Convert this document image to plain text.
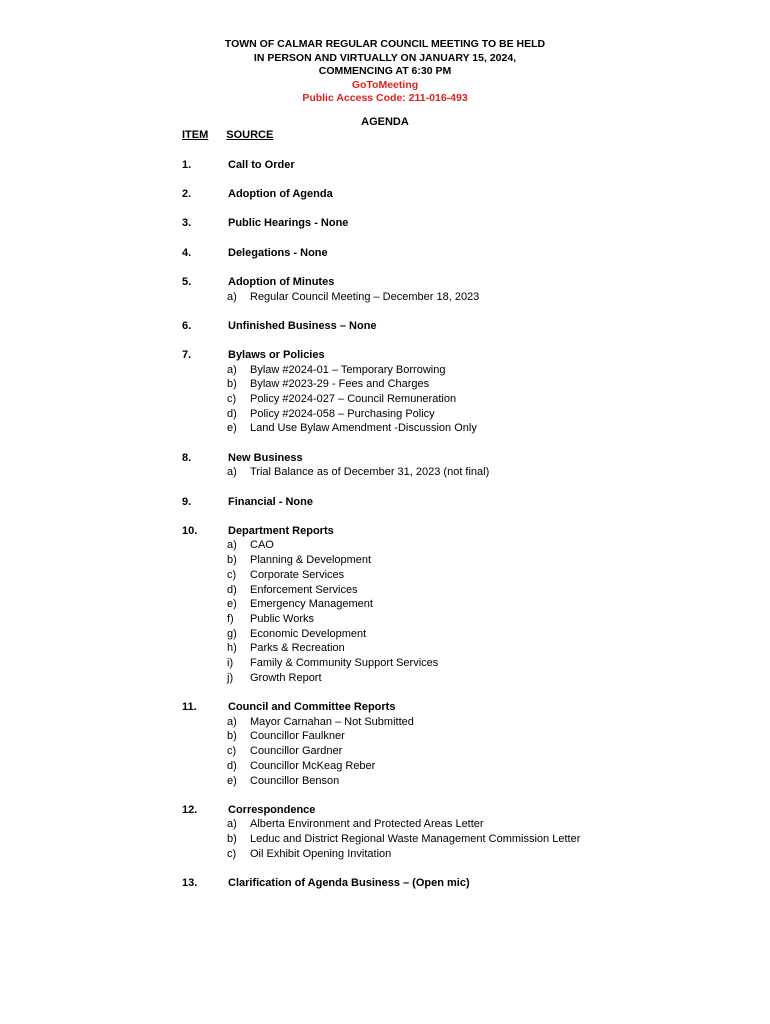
TOWN OF CALMAR REGULAR COUNCIL MEETING TO BE HELD
IN PERSON AND VIRTUALLY ON JANUARY 15, 2024,
COMMENCING AT 6:30 PM
GoToMeeting
Public Access Code: 211-016-493
AGENDA
ITEM SOURCE
1.	Call to Order
2.	Adoption of Agenda
3.	Public Hearings - None
4.	Delegations - None
5.	Adoption of Minutes
a)	Regular Council Meeting – December 18, 2023
6.	Unfinished Business – None
7.	Bylaws or Policies
a)	Bylaw #2024-01 – Temporary Borrowing
b)	Bylaw #2023-29 - Fees and Charges
c)	Policy #2024-027 – Council Remuneration
d)	Policy #2024-058 – Purchasing Policy
e)	Land Use Bylaw Amendment -Discussion Only
8.	New Business
a)	Trial Balance as of December 31, 2023 (not final)
9.	Financial - None
10.	Department Reports
a)	CAO
b)	Planning & Development
c)	Corporate Services
d)	Enforcement Services
e)	Emergency Management
f)	Public Works
g)	Economic Development
h)	Parks & Recreation
i)	Family & Community Support Services
j)	Growth Report
11.	Council and Committee Reports
a)	Mayor Carnahan – Not Submitted
b)	Councillor Faulkner
c)	Councillor Gardner
d)	Councillor McKeag Reber
e)	Councillor Benson
12.	Correspondence
a)	Alberta Environment and Protected Areas Letter
b)	Leduc and District Regional Waste Management Commission Letter
c)	Oil Exhibit Opening Invitation
13.	Clarification of Agenda Business – (Open mic)
